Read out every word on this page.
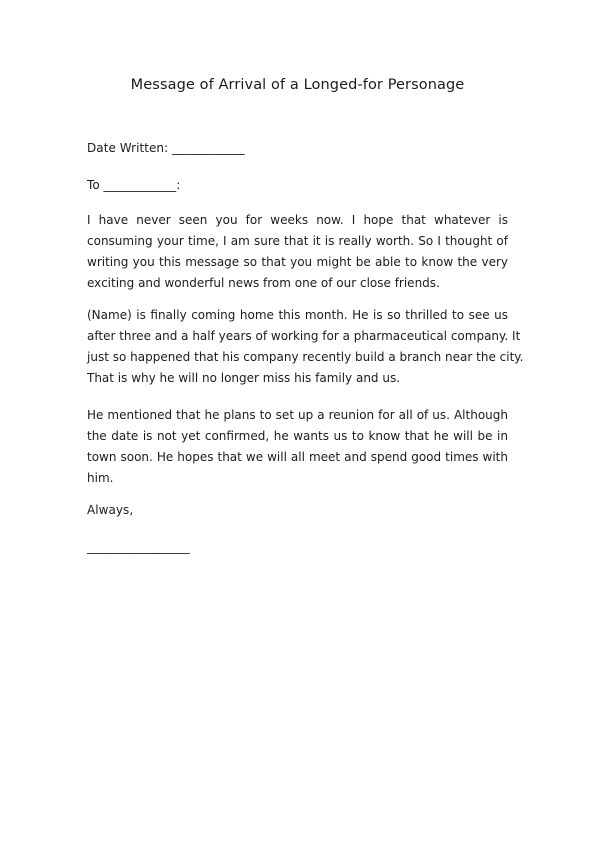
Message of Arrival of a Longed-for Personage
Date Written: ____________
To ____________:
I have never seen you for weeks now. I hope that whatever is
consuming your time, I am sure that it is really worth. So I thought of
writing you this message so that you might be able to know the very
exciting and wonderful news from one of our close friends.
(Name) is finally coming home this month. He is so thrilled to see us
after three and a half years of working for a pharmaceutical company. It
just so happened that his company recently build a branch near the city.
That is why he will no longer miss his family and us.
He mentioned that he plans to set up a reunion for all of us. Although
the date is not yet confirmed, he wants us to know that he will be in
town soon. He hopes that we will all meet and spend good times with
him.
Always,
_________________
